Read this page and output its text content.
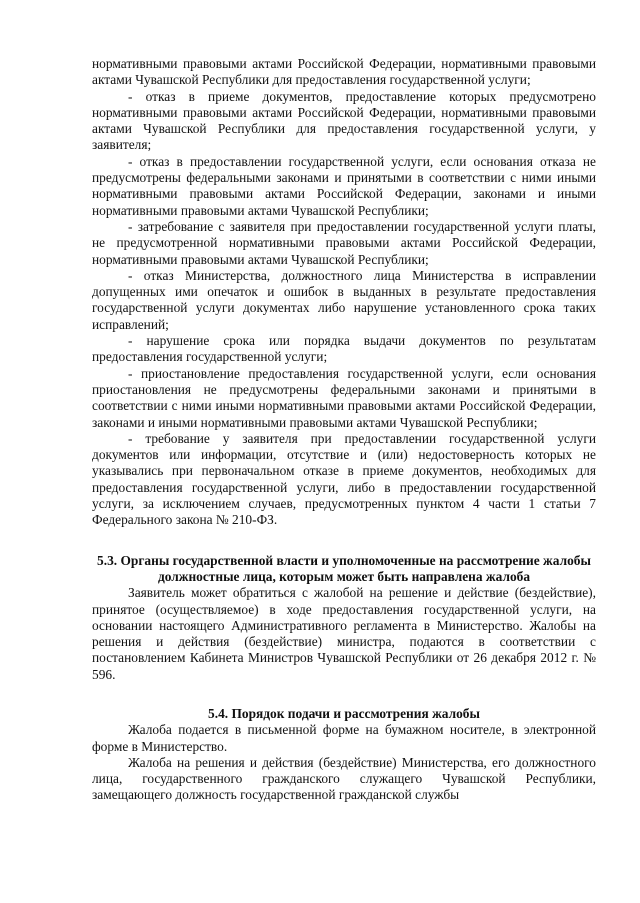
нормативными правовыми актами Российской Федерации, нормативными правовыми актами Чувашской Республики для предоставления государственной услуги;

- отказ в приеме документов, предоставление которых предусмотрено нормативными правовыми актами Российской Федерации, нормативными правовыми актами Чувашской Республики для предоставления государственной услуги, у заявителя;

- отказ в предоставлении государственной услуги, если основания отказа не предусмотрены федеральными законами и принятыми в соответствии с ними иными нормативными правовыми актами Российской Федерации, законами и иными нормативными правовыми актами Чувашской Республики;

- затребование с заявителя при предоставлении государственной услуги платы, не предусмотренной нормативными правовыми актами Российской Федерации, нормативными правовыми актами Чувашской Республики;

- отказ Министерства, должностного лица Министерства в исправлении допущенных ими опечаток и ошибок в выданных в результате предоставления государственной услуги документах либо нарушение установленного срока таких исправлений;

- нарушение срока или порядка выдачи документов по результатам предоставления государственной услуги;

- приостановление предоставления государственной услуги, если основания приостановления не предусмотрены федеральными законами и принятыми в соответствии с ними иными нормативными правовыми актами Российской Федерации, законами и иными нормативными правовыми актами Чувашской Республики;

- требование у заявителя при предоставлении государственной услуги документов или информации, отсутствие и (или) недостоверность которых не указывались при первоначальном отказе в приеме документов, необходимых для предоставления государственной услуги, либо в предоставлении государственной услуги, за исключением случаев, предусмотренных пунктом 4 части 1 статьи 7 Федерального закона № 210-ФЗ.

5.3. Органы государственной власти и уполномоченные на рассмотрение жалобы должностные лица, которым может быть направлена жалоба

Заявитель может обратиться с жалобой на решение и действие (бездействие), принятое (осуществляемое) в ходе предоставления государственной услуги, на основании настоящего Административного регламента в Министерство. Жалобы на решения и действия (бездействие) министра, подаются в соответствии с постановлением Кабинета Министров Чувашской Республики от 26 декабря 2012 г. № 596.

5.4. Порядок подачи и рассмотрения жалобы

Жалоба подается в письменной форме на бумажном носителе, в электронной форме в Министерство.

Жалоба на решения и действия (бездействие) Министерства, его должностного лица, государственного гражданского служащего Чувашской Республики, замещающего должность государственной гражданской службы
